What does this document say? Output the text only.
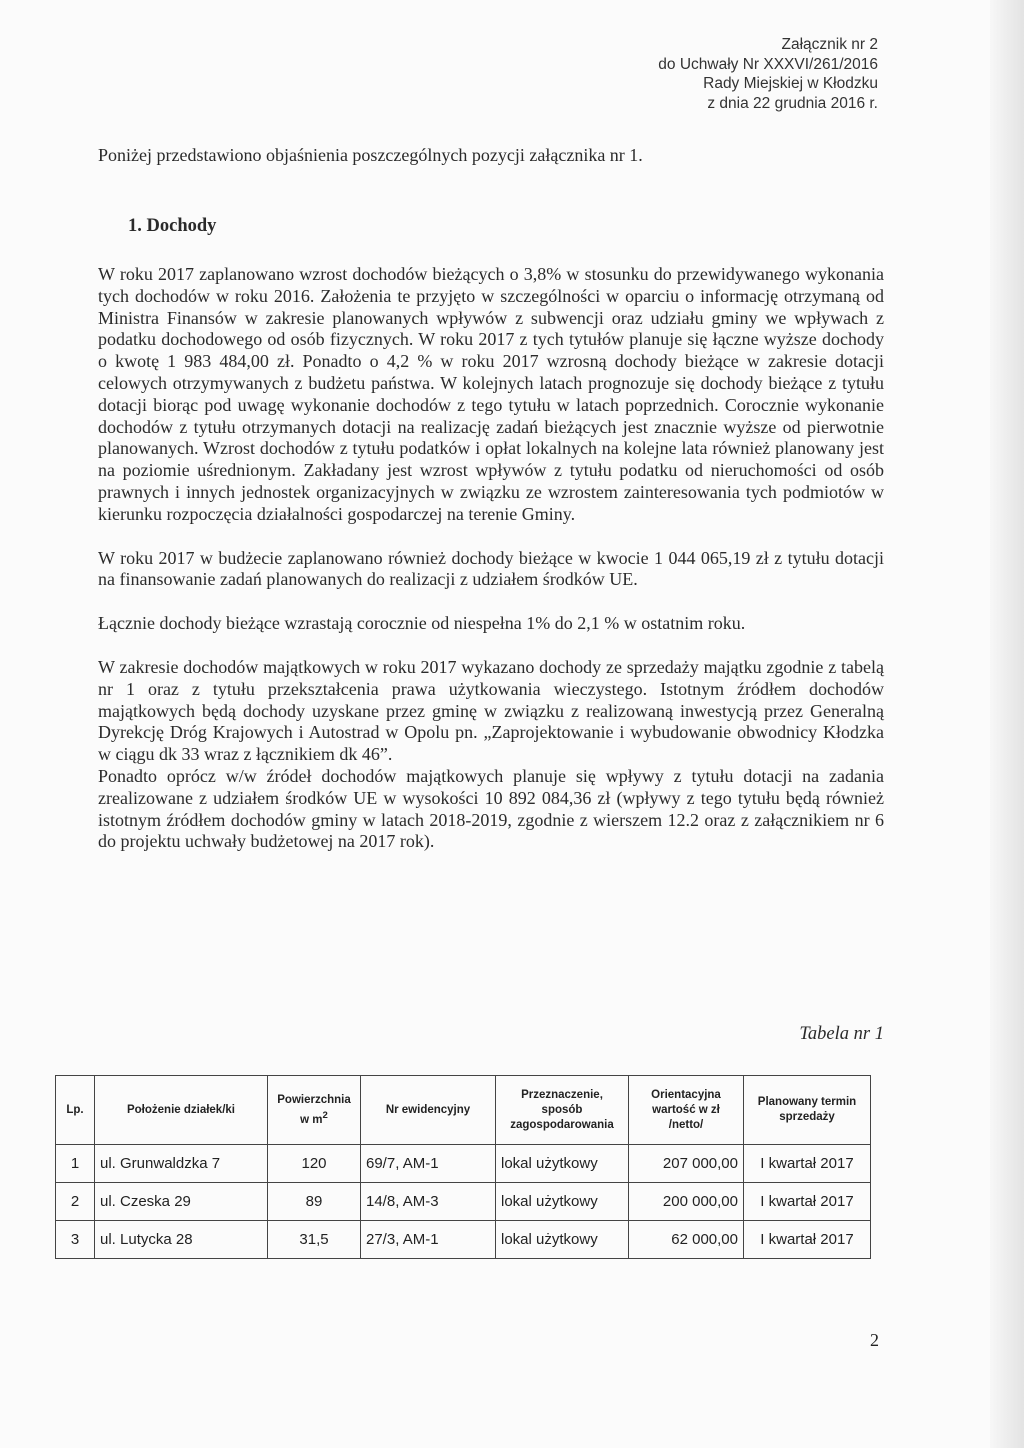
Załącznik nr 2
do Uchwały Nr XXXVI/261/2016
Rady Miejskiej w Kłodzku
z dnia 22 grudnia 2016 r.
Poniżej przedstawiono objaśnienia poszczególnych pozycji załącznika nr 1.
1. Dochody

W roku 2017 zaplanowano wzrost dochodów bieżących o 3,8% w stosunku do przewidywanego wykonania tych dochodów w roku 2016. Założenia te przyjęto w szczególności w oparciu o informację otrzymaną od Ministra Finansów w zakresie planowanych wpływów z subwencji oraz udziału gminy we wpływach z podatku dochodowego od osób fizycznych. W roku 2017 z tych tytułów planuje się łączne wyższe dochody o kwotę 1 983 484,00 zł. Ponadto o 4,2 % w roku 2017 wzrosną dochody bieżące w zakresie dotacji celowych otrzymywanych z budżetu państwa. W kolejnych latach prognozuje się dochody bieżące z tytułu dotacji biorąc pod uwagę wykonanie dochodów z tego tytułu w latach poprzednich. Corocznie wykonanie dochodów z tytułu otrzymanych dotacji na realizację zadań bieżących jest znacznie wyższe od pierwotnie planowanych. Wzrost dochodów z tytułu podatków i opłat lokalnych na kolejne lata również planowany jest na poziomie uśrednionym. Zakładany jest wzrost wpływów z tytułu podatku od nieruchomości od osób prawnych i innych jednostek organizacyjnych w związku ze wzrostem zainteresowania tych podmiotów w kierunku rozpoczęcia działalności gospodarczej na terenie Gminy.

W roku 2017 w budżecie zaplanowano również dochody bieżące w kwocie 1 044 065,19 zł z tytułu dotacji na finansowanie zadań planowanych do realizacji z udziałem środków UE.

Łącznie dochody bieżące wzrastają corocznie od niespełna 1% do 2,1 % w ostatnim roku.

W zakresie dochodów majątkowych w roku 2017 wykazano dochody ze sprzedaży majątku zgodnie z tabelą nr 1 oraz z tytułu przekształcenia prawa użytkowania wieczystego. Istotnym źródłem dochodów majątkowych będą dochody uzyskane przez gminę w związku z realizowaną inwestycją przez Generalną Dyrekcję Dróg Krajowych i Autostrad w Opolu pn. „Zaprojektowanie i wybudowanie obwodnicy Kłodzka w ciągu dk 33 wraz z łącznikiem dk 46”.

Ponadto oprócz w/w źródeł dochodów majątkowych planuje się wpływy z tytułu dotacji na zadania zrealizowane z udziałem środków UE w wysokości 10 892 084,36 zł (wpływy z tego tytułu będą również istotnym źródłem dochodów gminy w latach 2018-2019, zgodnie z wierszem 12.2 oraz z załącznikiem nr 6 do projektu uchwały budżetowej na 2017 rok).

Tabela nr 1
Lp.	Położenie działek/ki	Powierzchnia
w $m^2$	Nr ewidencyjny	Przeznaczenie, sposób zagospodarowania	Orientacyjna wartość w zł /netto/	Planowany termin sprzedaży
1	ul. Grunwaldzka 7	120	69/7, AM-1	lokal użytkowy	207 000,00	I kwartał 2017
2	ul. Czeska 29	89	14/8, AM-3	lokal użytkowy	200 000,00	I kwartał 2017
3	ul. Lutycka 28	31,5	27/3, AM-1	lokal użytkowy	62 000,00	I kwartał 2017
2
